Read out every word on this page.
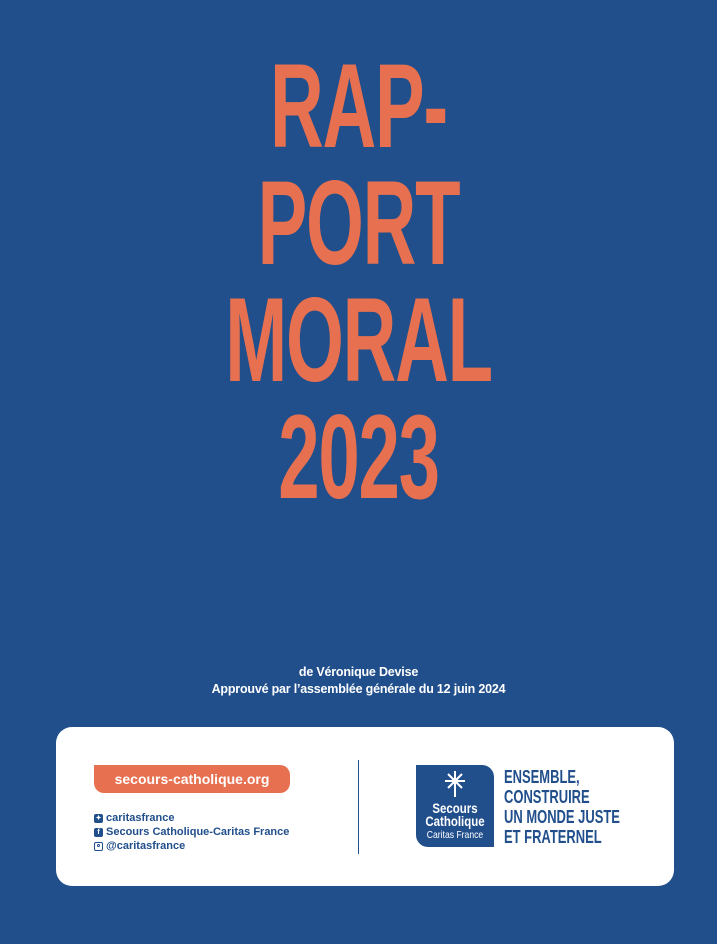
RAP-
PORT
MORAL
2023
de Véronique Devise
Approuvé par l’assemblée générale du 12 juin 2024
secours-catholique.org
✦ caritasfrance
f Secours Catholique-Caritas France
@caritasfrance
Secours
Catholique
Caritas France
ENSEMBLE,
CONSTRUIRE
UN MONDE JUSTE
ET FRATERNEL
